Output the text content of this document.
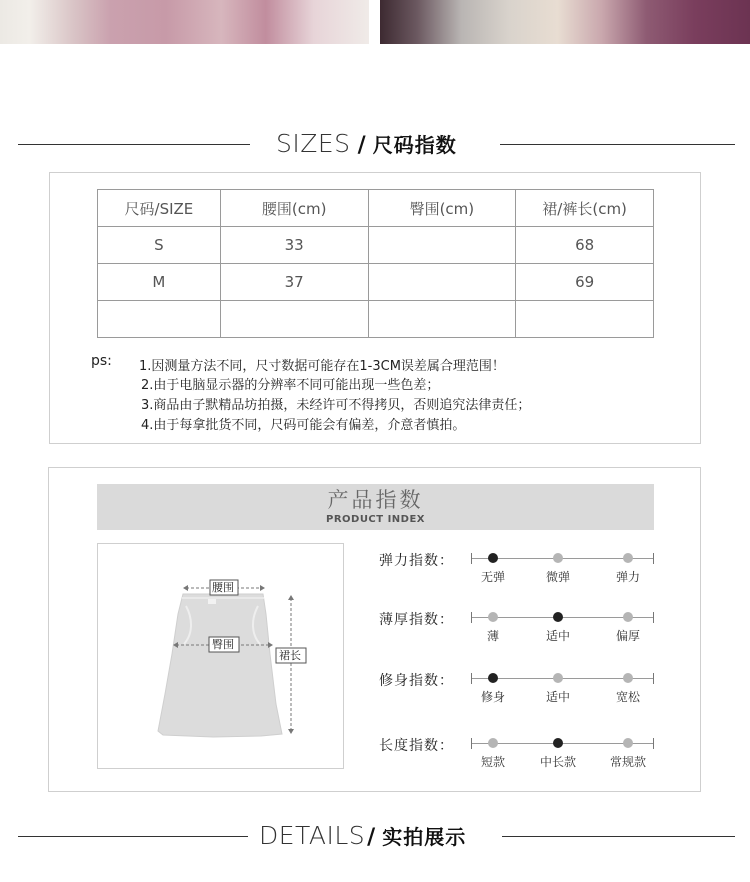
SIZES / 尺码指数
尺码/SIZE	腰围(cm)	臀围(cm)	裙/裤长(cm)
S	33		68
M	37		69

ps: 1.因测量方法不同，尺寸数据可能存在1-3CM误差属合理范围！
2.由于电脑显示器的分辨率不同可能出现一些色差；
3.商品由子默精品坊拍摄，未经许可不得拷贝，否则追究法律责任；
4.由于每拿批货不同，尺码可能会有偏差，介意者慎拍。
产品指数
PRODUCT INDEX
腰围
臀围
裙长
弹力指数：
无弹	微弹	弹力
薄厚指数：
薄	适中	偏厚
修身指数：
修身	适中	宽松
长度指数：
短款	中长款	常规款
DETAILS/ 实拍展示
